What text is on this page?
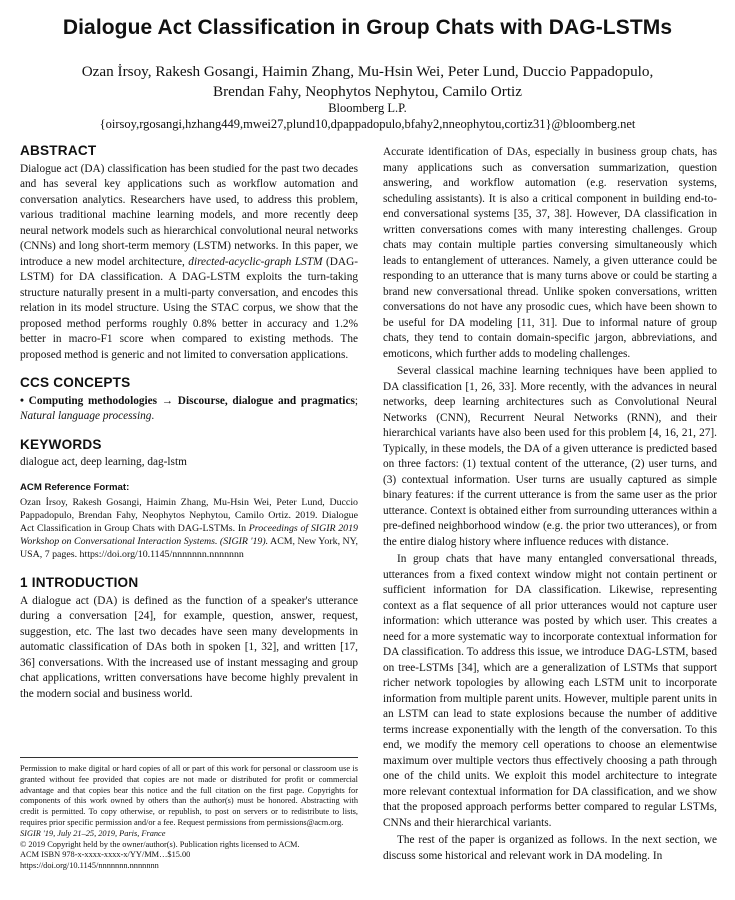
Dialogue Act Classification in Group Chats with DAG-LSTMs
Ozan İrsoy, Rakesh Gosangi, Haimin Zhang, Mu-Hsin Wei, Peter Lund, Duccio Pappadopulo,
Brendan Fahy, Neophytos Nephytou, Camilo Ortiz
Bloomberg L.P.
{oirsoy,rgosangi,hzhang449,mwei27,plund10,dpappadopulo,bfahy2,nneophytou,cortiz31}@bloomberg.net
ABSTRACT

Dialogue act (DA) classification has been studied for the past two decades and has several key applications such as workflow automation and conversation analytics. Researchers have used, to address this problem, various traditional machine learning models, and more recently deep neural network models such as hierarchical convolutional neural networks (CNNs) and long short-term memory (LSTM) networks. In this paper, we introduce a new model architecture, directed-acyclic-graph LSTM (DAG-LSTM) for DA classification. A DAG-LSTM exploits the turn-taking structure naturally present in a multi-party conversation, and encodes this relation in its model structure. Using the STAC corpus, we show that the proposed method performs roughly 0.8% better in accuracy and 1.2% better in macro-F1 score when compared to existing methods. The proposed method is generic and not limited to conversation applications.

CCS CONCEPTS

• Computing methodologies → Discourse, dialogue and pragmatics; Natural language processing.

KEYWORDS

dialogue act, deep learning, dag-lstm

ACM Reference Format:

Ozan İrsoy, Rakesh Gosangi, Haimin Zhang, Mu-Hsin Wei, Peter Lund, Duccio Pappadopulo, Brendan Fahy, Neophytos Nephytou, Camilo Ortiz. 2019. Dialogue Act Classification in Group Chats with DAG-LSTMs. In Proceedings of SIGIR 2019 Workshop on Conversational Interaction Systems. (SIGIR '19). ACM, New York, NY, USA, 7 pages. https://doi.org/10.1145/nnnnnnn.nnnnnnn

1 INTRODUCTION

A dialogue act (DA) is defined as the function of a speaker's utterance during a conversation [24], for example, question, answer, request, suggestion, etc. The last two decades have seen many developments in automatic classification of DAs both in spoken [1, 32], and written [17, 36] conversations. With the increased use of instant messaging and group chat applications, written conversations have become highly prevalent in the modern social and business world.

Permission to make digital or hard copies of all or part of this work for personal or classroom use is granted without fee provided that copies are not made or distributed for profit or commercial advantage and that copies bear this notice and the full citation on the first page. Copyrights for components of this work owned by others than the author(s) must be honored. Abstracting with credit is permitted. To copy otherwise, or republish, to post on servers or to redistribute to lists, requires prior specific permission and/or a fee. Request permissions from permissions@acm.org.

SIGIR '19, July 21–25, 2019, Paris, France

© 2019 Copyright held by the owner/author(s). Publication rights licensed to ACM.

ACM ISBN 978-x-xxxx-xxxx-x/YY/MM…$15.00

https://doi.org/10.1145/nnnnnnn.nnnnnnn

Accurate identification of DAs, especially in business group chats, has many applications such as conversation summarization, question answering, and workflow automation (e.g. reservation systems, scheduling assistants). It is also a critical component in building end-to-end conversational systems [35, 37, 38]. However, DA classification in written conversations comes with many interesting challenges. Group chats may contain multiple parties conversing simultaneously which leads to entanglement of utterances. Namely, a given utterance could be responding to an utterance that is many turns above or could be starting a brand new conversational thread. Unlike spoken conversations, written conversations do not have any prosodic cues, which have been shown to be useful for DA modeling [11, 31]. Due to informal nature of group chats, they tend to contain domain-specific jargon, abbreviations, and emoticons, which further adds to modeling challenges.

Several classical machine learning techniques have been applied to DA classification [1, 26, 33]. More recently, with the advances in neural networks, deep learning architectures such as Convolutional Neural Networks (CNN), Recurrent Neural Networks (RNN), and their hierarchical variants have also been used for this problem [4, 16, 21, 27]. Typically, in these models, the DA of a given utterance is predicted based on three factors: (1) textual content of the utterance, (2) user turns, and (3) contextual information. User turns are usually captured as simple binary features: if the current utterance is from the same user as the prior utterance. Context is obtained either from surrounding utterances within a pre-defined neighborhood window (e.g. the prior two utterances), or from the entire dialog history where influence reduces with distance.

In group chats that have many entangled conversational threads, utterances from a fixed context window might not contain pertinent or sufficient information for DA classification. Likewise, representing context as a flat sequence of all prior utterances would not capture user information: which utterance was posted by which user. This creates a need for a more systematic way to incorporate contextual information for DA classification. To address this issue, we introduce DAG-LSTM, based on tree-LSTMs [34], which are a generalization of LSTMs that support richer network topologies by allowing each LSTM unit to incorporate information from multiple parent units. However, multiple parent units in an LSTM can lead to state explosions because the number of additive terms increase exponentially with the length of the conversation. To this end, we modify the memory cell operations to choose an elementwise maximum over multiple vectors thus effectively choosing a path through one of the child units. We exploit this model architecture to integrate more relevant contextual information for DA classification, and we show that the proposed approach performs better compared to regular LSTMs, CNNs and their hierarchical variants.

The rest of the paper is organized as follows. In the next section, we discuss some historical and relevant work in DA modeling. In
